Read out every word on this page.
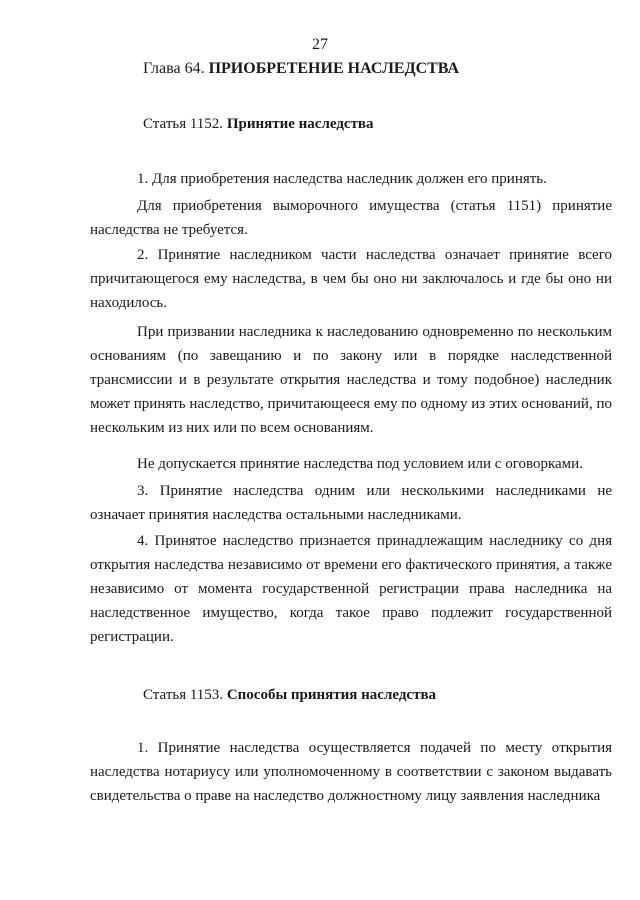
27
Глава 64. ПРИОБРЕТЕНИЕ НАСЛЕДСТВА
Статья 1152. Принятие наследства

1. Для приобретения наследства наследник должен его принять.

Для приобретения выморочного имущества (статья 1151) принятие наследства не требуется.

2. Принятие наследником части наследства означает принятие всего причитающегося ему наследства, в чем бы оно ни заключалось и где бы оно ни находилось.

При призвании наследника к наследованию одновременно по нескольким основаниям (по завещанию и по закону или в порядке наследственной трансмиссии и в результате открытия наследства и тому подобное) наследник может принять наследство, причитающееся ему по одному из этих оснований, по нескольким из них или по всем основаниям.

Не допускается принятие наследства под условием или с оговорками.

3. Принятие наследства одним или несколькими наследниками не означает принятия наследства остальными наследниками.

4. Принятое наследство признается принадлежащим наследнику со дня открытия наследства независимо от времени его фактического принятия, а также независимо от момента государственной регистрации права наследника на наследственное имущество, когда такое право подлежит государственной регистрации.

Статья 1153. Способы принятия наследства

1. Принятие наследства осуществляется подачей по месту открытия наследства нотариусу или уполномоченному в соответствии с законом выдавать свидетельства о праве на наследство должностному лицу заявления наследника
